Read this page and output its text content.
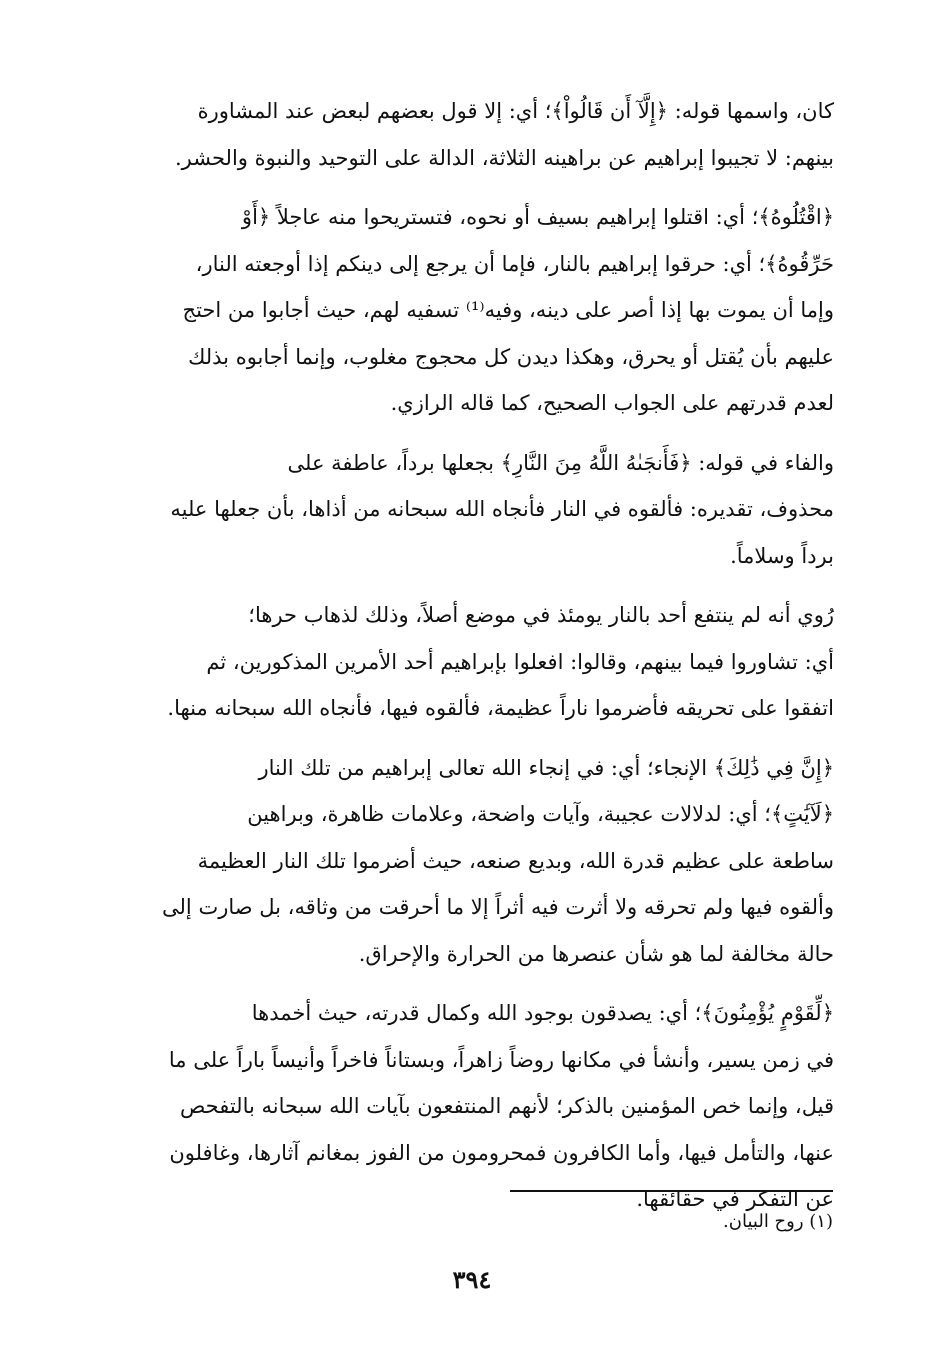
كان، واسمها قوله: ﴿إِلَّآ أَن قَالُواْ﴾؛ أي: إلا قول بعضهم لبعض عند المشاورة

بينهم: لا تجيبوا إبراهيم عن براهينه الثلاثة، الدالة على التوحيد والنبوة والحشر.

﴿اقْتُلُوهُ﴾؛ أي: اقتلوا إبراهيم بسيف أو نحوه، فتستريحوا منه عاجلاً ﴿أَوْ

حَرِّقُوهُ﴾؛ أي: حرقوا إبراهيم بالنار، فإما أن يرجع إلى دينكم إذا أوجعته النار،

وإما أن يموت بها إذا أصر على دينه، وفيه⁽¹⁾ تسفيه لهم، حيث أجابوا من احتج

عليهم بأن يُقتل أو يحرق، وهكذا ديدن كل محجوج مغلوب، وإنما أجابوه بذلك

لعدم قدرتهم على الجواب الصحيح، كما قاله الرازي.

والفاء في قوله: ﴿فَأَنجَىٰهُ اللَّهُ مِنَ النَّارِ﴾ بجعلها برداً، عاطفة على

محذوف، تقديره: فألقوه في النار فأنجاه الله سبحانه من أذاها، بأن جعلها عليه

برداً وسلاماً.

رُوي أنه لم ينتفع أحد بالنار يومئذ في موضع أصلاً، وذلك لذهاب حرها؛

أي: تشاوروا فيما بينهم، وقالوا: افعلوا بإبراهيم أحد الأمرين المذكورين، ثم

اتفقوا على تحريقه فأضرموا ناراً عظيمة، فألقوه فيها، فأنجاه الله سبحانه منها.

﴿إِنَّ فِي ذَٰلِكَ﴾ الإنجاء؛ أي: في إنجاء الله تعالى إبراهيم من تلك النار

﴿لَآيَٰتٍ﴾؛ أي: لدلالات عجيبة، وآيات واضحة، وعلامات ظاهرة، وبراهين

ساطعة على عظيم قدرة الله، وبديع صنعه، حيث أضرموا تلك النار العظيمة

وألقوه فيها ولم تحرقه ولا أثرت فيه أثراً إلا ما أحرقت من وثاقه، بل صارت إلى

حالة مخالفة لما هو شأن عنصرها من الحرارة والإحراق.

﴿لِّقَوْمٍ يُؤْمِنُونَ﴾؛ أي: يصدقون بوجود الله وكمال قدرته، حيث أخمدها

في زمن يسير، وأنشأ في مكانها روضاً زاهراً، وبستاناً فاخراً وأنيساً باراً على ما

قيل، وإنما خص المؤمنين بالذكر؛ لأنهم المنتفعون بآيات الله سبحانه بالتفحص

عنها، والتأمل فيها، وأما الكافرون فمحرومون من الفوز بمغانم آثارها، وغافلون

عن التفكر في حقائقها.

(١) روح البيان.
٣٩٤
